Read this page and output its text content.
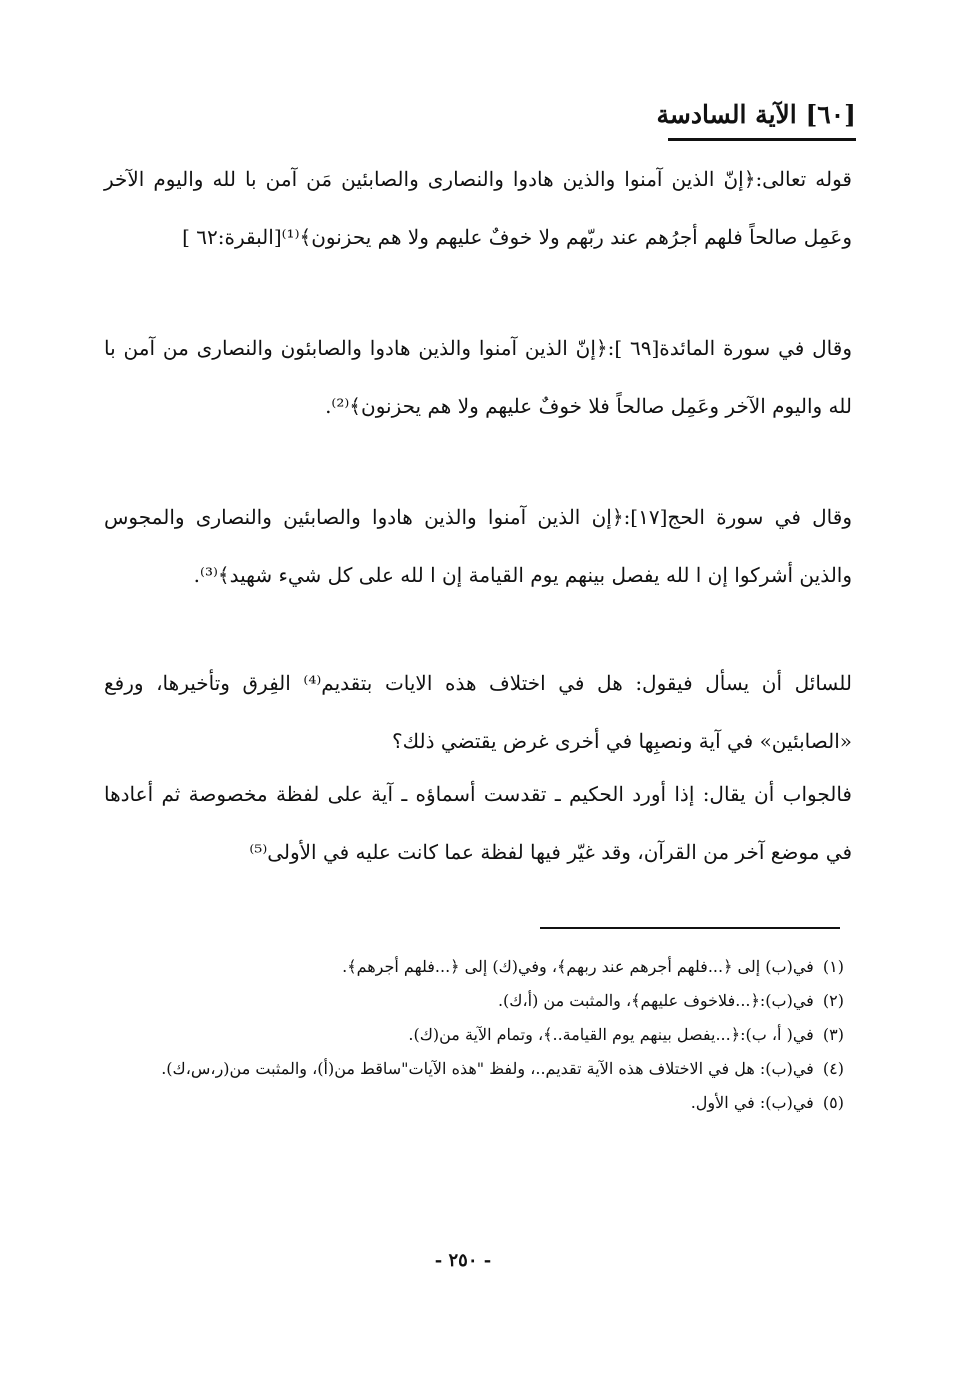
[٦٠] الآية السادسة

قوله تعالى:﴿إنّ الذين آمنوا والذين هادوا والنصارى والصابئين مَن آمن با لله واليوم الآخر وعَمِل صالحاً فلهم أجرُهم عند ربّهم ولا خوفٌ عليهم ولا هم يحزنون﴾⁽¹⁾[البقرة:٦٢ ]

وقال في سورة المائدة[٦٩ ]:﴿إنّ الذين آمنوا والذين هادوا والصابئون والنصارى من آمن با لله واليوم الآخر وعَمِل صالحاً فلا خوفٌ عليهم ولا هم يحزنون﴾⁽²⁾.

وقال في سورة الحج[١٧]:﴿إن الذين آمنوا والذين هادوا والصابئين والنصارى والمجوس والذين أشركوا إن ا لله يفصل بينهم يوم القيامة إن ا لله على كل شيء شهيد﴾⁽³⁾.

للسائل أن يسأل فيقول: هل في اختلاف هذه الايات بتقديم⁽⁴⁾ الفِرق وتأخيرها، ورفع «الصابئين» في آية ونصبِها في أخرى غرض يقتضي ذلك؟

فالجواب أن يقال: إذا أورد الحكيم ـ تقدست أسماؤه ـ آية على لفظة مخصوصة ثم أعادها في موضع آخر من القرآن، وقد غيّر فيها لفظة عما كانت عليه في الأولى⁽⁵⁾

(١) في(ب) إلى ﴿...فلهم أجرهم عند ربهم﴾، وفي(ك) إلى ﴿...فلهم أجرهم﴾.
(٢) في(ب):﴿...فلاخوف عليهم﴾، والمثبت من (أ،ك).
(٣) في( أ، ب):﴿...يفصل بينهم يوم القيامة..﴾، وتمام الآية من(ك).
(٤) في(ب): هل في الاختلاف هذه الآية تقديم..، ولفظ "هذه الآيات"ساقط من(أ)، والمثبت من(ر،س،ك).
(٥) في(ب): في الأول.
- ٢٥٠ -
